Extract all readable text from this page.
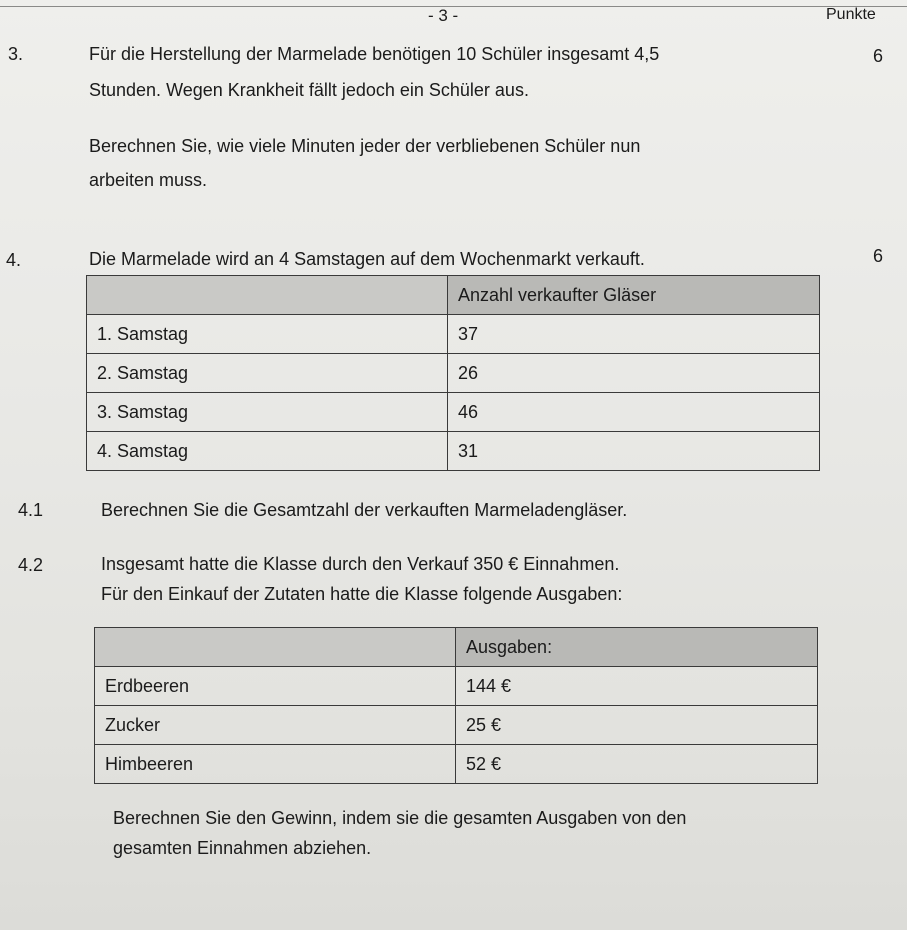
- 3 -	Punkte
3.	6
Für die Herstellung der Marmelade benötigen 10 Schüler insgesamt 4,5
Stunden. Wegen Krankheit fällt jedoch ein Schüler aus.
Berechnen Sie, wie viele Minuten jeder der verbliebenen Schüler nun
arbeiten muss.
4.	6
Die Marmelade wird an 4 Samstagen auf dem Wochenmarkt verkauft.
	Anzahl verkaufter Gläser
1. Samstag	37
2. Samstag	26
3. Samstag	46
4. Samstag	31
4.1	Berechnen Sie die Gesamtzahl der verkauften Marmeladengläser.
4.2	Insgesamt hatte die Klasse durch den Verkauf 350 € Einnahmen.
Für den Einkauf der Zutaten hatte die Klasse folgende Ausgaben:
	Ausgaben:
Erdbeeren	144 €
Zucker	25 €
Himbeeren	52 €
Berechnen Sie den Gewinn, indem sie die gesamten Ausgaben von den
gesamten Einnahmen abziehen.
